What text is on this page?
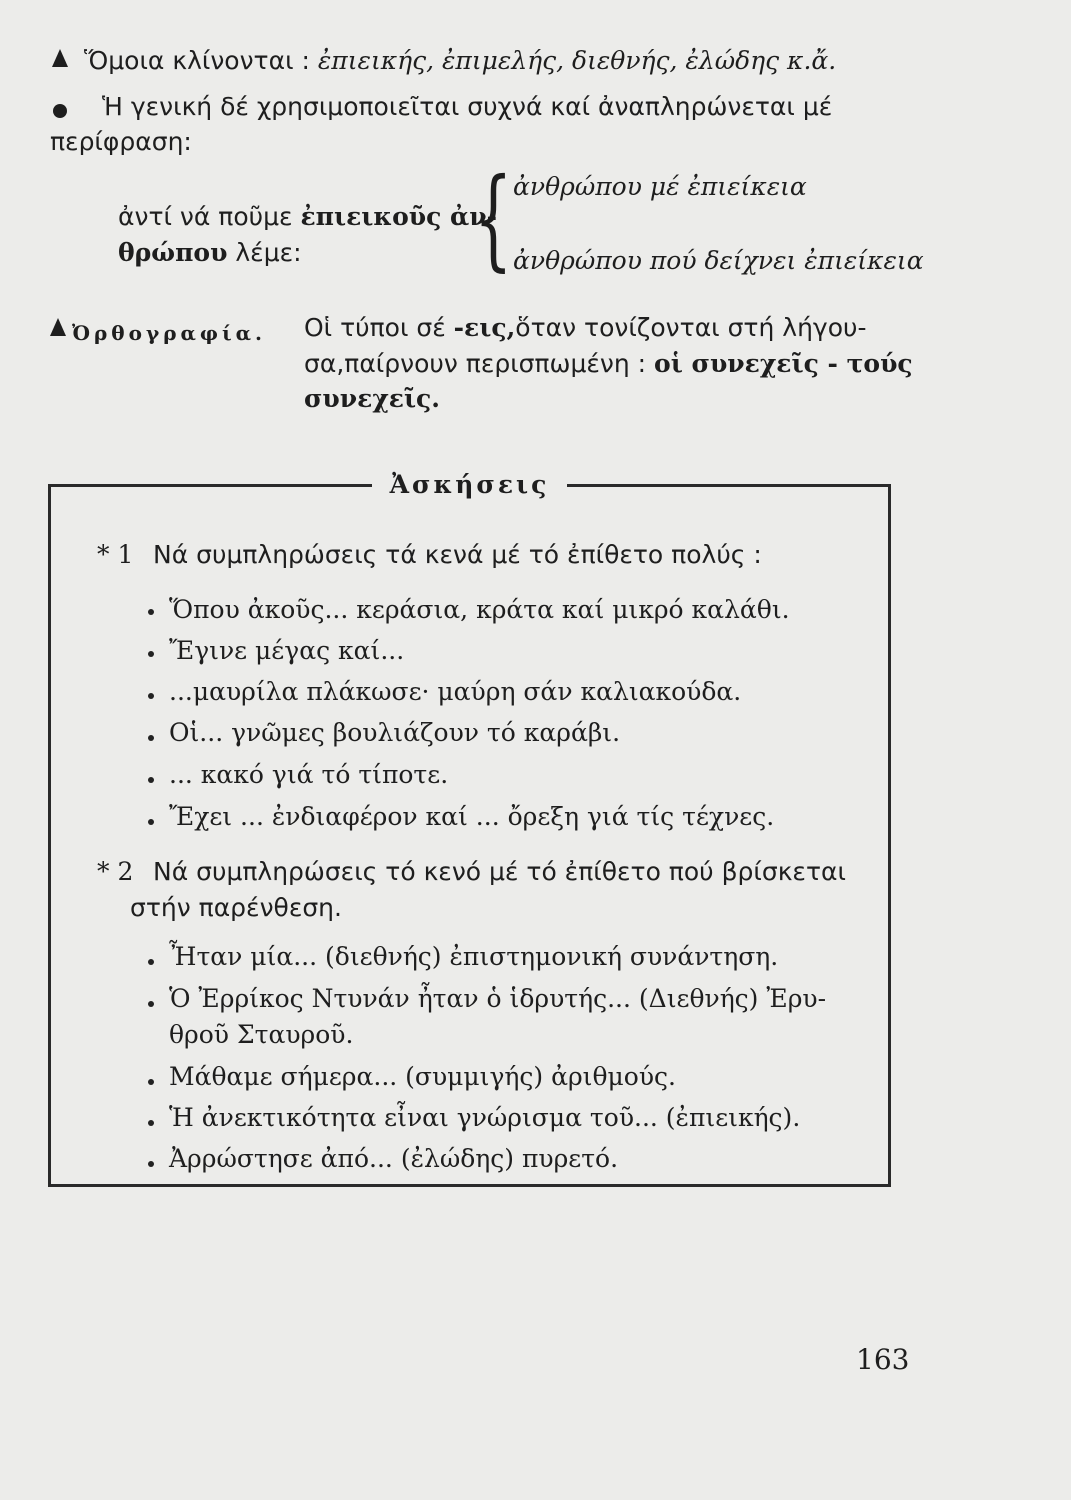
Ὅμοια κλίνονται : ἐπιεικής, ἐπιμελής, διεθνής, ἐλώδης κ.ἄ.
Ἡ γενική δέ χρησιμοποιεῖται συχνά καί ἀναπληρώνεται μέ
περίφραση:
ἀντί νά ποῦμε ἐπιεικοῦς ἀν-
θρώπου λέμε: { ἀνθρώπου μέ ἐπιείκεια
ἀνθρώπου πού δείχνει ἐπιείκεια
Ὀρθογραφία. Οἱ τύποι σέ -εις,ὅταν τονίζονται στή λήγου-
σα,παίρνουν περισπωμένη : οἱ συνεχεῖς - τούς
συνεχεῖς.
Ἀσκήσεις
* 1 Νά συμπληρώσεις τά κενά μέ τό ἐπίθετο πολύς :
Ὅπου ἀκοῦς... κεράσια, κράτα καί μικρό καλάθι.
Ἔγινε μέγας καί...
...μαυρίλα πλάκωσε· μαύρη σάν καλιακούδα.
Οἱ... γνῶμες βουλιάζουν τό καράβι.
... κακό γιά τό τίποτε.
Ἔχει ... ἐνδιαφέρον καί ... ὄρεξη γιά τίς τέχνες.
* 2 Νά συμπληρώσεις τό κενό μέ τό ἐπίθετο πού βρίσκεται
στήν παρένθεση.
Ἦταν μία... (διεθνής) ἐπιστημονική συνάντηση.
Ὁ Ἐρρίκος Ντυνάν ἦταν ὁ ἱδρυτής... (Διεθνής) Ἐρυ-
θροῦ Σταυροῦ.
Μάθαμε σήμερα... (συμμιγής) ἀριθμούς.
Ἡ ἀνεκτικότητα εἶναι γνώρισμα τοῦ... (ἐπιεικής).
Ἀρρώστησε ἀπό... (ἐλώδης) πυρετό.
163
